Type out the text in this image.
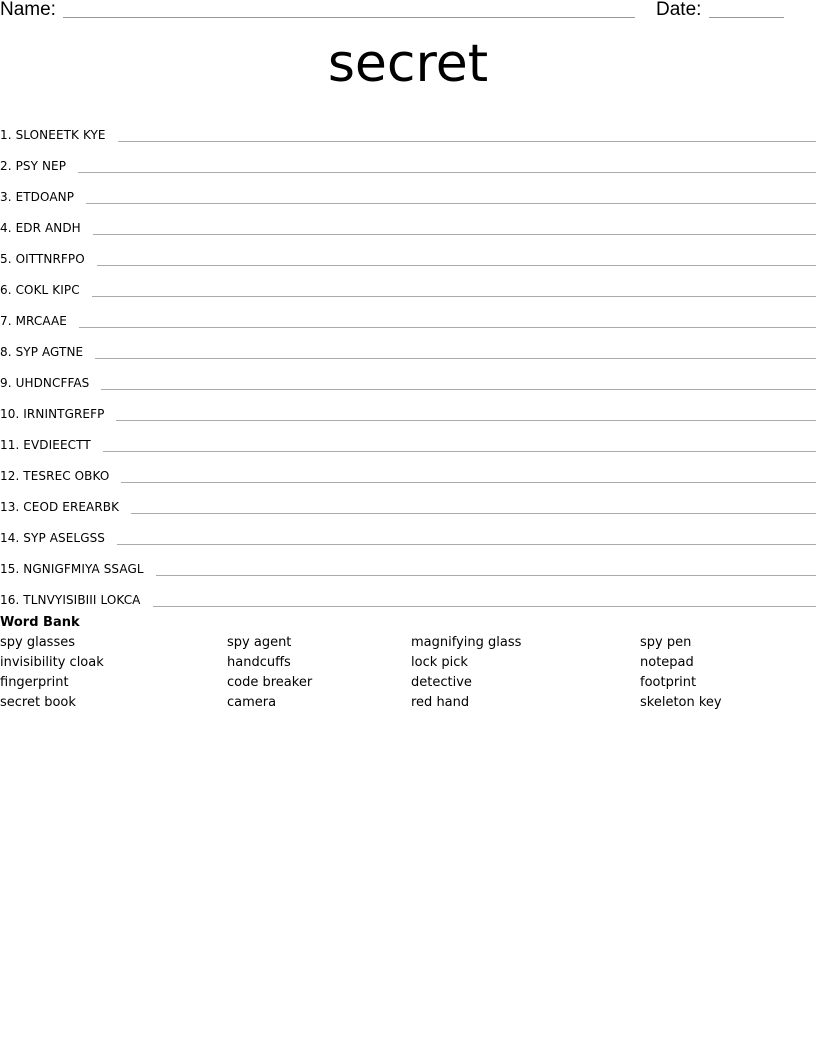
Name:	Date:
secret
1. SLONEETK KYE
2. PSY NEP
3. ETDOANP
4. EDR ANDH
5. OITTNRFPO
6. COKL KIPC
7. MRCAAE
8. SYP AGTNE
9. UHDNCFFAS
10. IRNINTGREFP
11. EVDIEECTT
12. TESREC OBKO
13. CEOD EREARBK
14. SYP ASELGSS
15. NGNIGFMIYA SSAGL
16. TLNVYISIBIII LOKCA
Word Bank
spy glasses	spy agent	magnifying glass	spy pen
invisibility cloak	handcuffs	lock pick	notepad
fingerprint	code breaker	detective	footprint
secret book	camera	red hand	skeleton key
